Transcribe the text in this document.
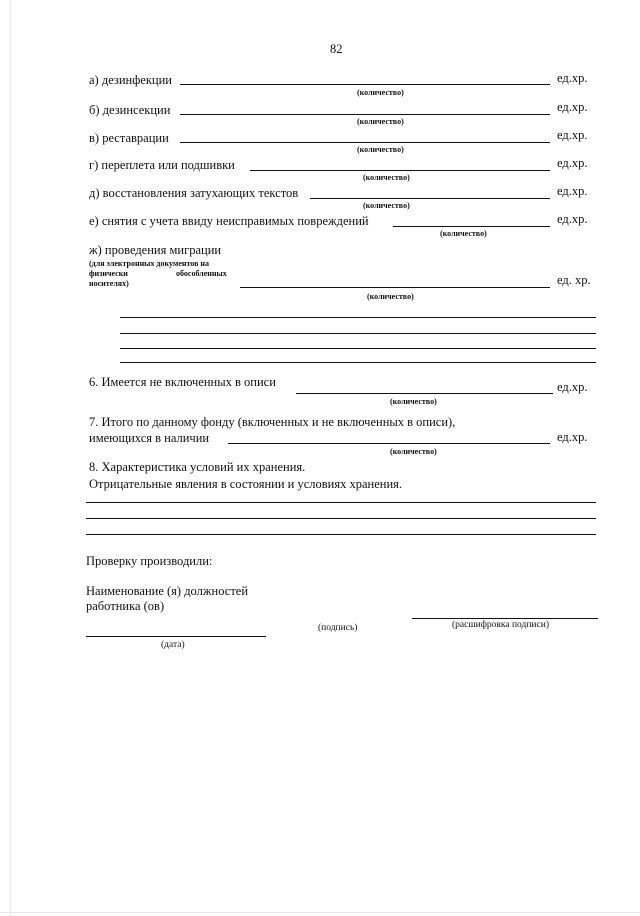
82
а) дезинфекции	ед.хр.
(количество)
б) дезинсекции	ед.хр.
(количество)
в) реставрации	ед.хр.
(количество)
г) переплета или подшивки	ед.хр.
(количество)
д) восстановления затухающих текстов	ед.хр.
(количество)
е) снятия с учета ввиду неисправимых повреждений	ед.хр.
(количество)
ж) проведения миграции
(для электронных документов на
физически	обособленных
носителях)	ед. хр.
(количество)
6. Имеется не включенных в описи	ед.хр.
(количество)
7. Итого по данному фонду (включенных и не включенных в описи),
имеющихся в наличии	ед.хр.
(количество)
8. Характеристика условий их хранения.
Отрицательные явления в состоянии и условиях хранения.
Проверку производили:
Наименование (я) должностей
работника (ов)
(подпись)	(расшифровка подписи)
(дата)
